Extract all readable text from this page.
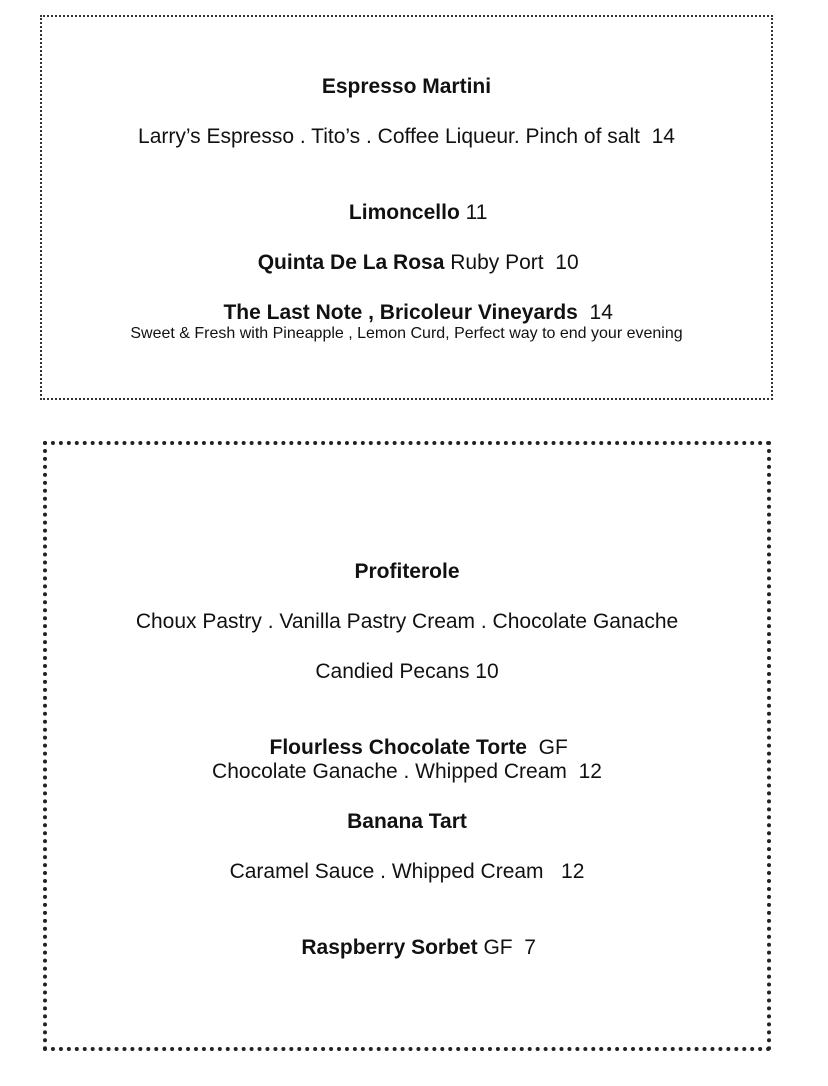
Espresso Martini
Larry’s Espresso . Tito’s . Coffee Liqueur. Pinch of salt  14

Limoncello 11

Quinta De La Rosa Ruby Port  10

The Last Note , Bricoleur Vineyards  14

Sweet & Fresh with Pineapple , Lemon Curd, Perfect way to end your evening
Profiterole
Choux Pastry . Vanilla Pastry Cream . Chocolate Ganache
Candied Pecans 10

Flourless Chocolate Torte  GF

Chocolate Ganache . Whipped Cream  12
Banana Tart
Caramel Sauce . Whipped Cream   12

Raspberry Sorbet GF  7
